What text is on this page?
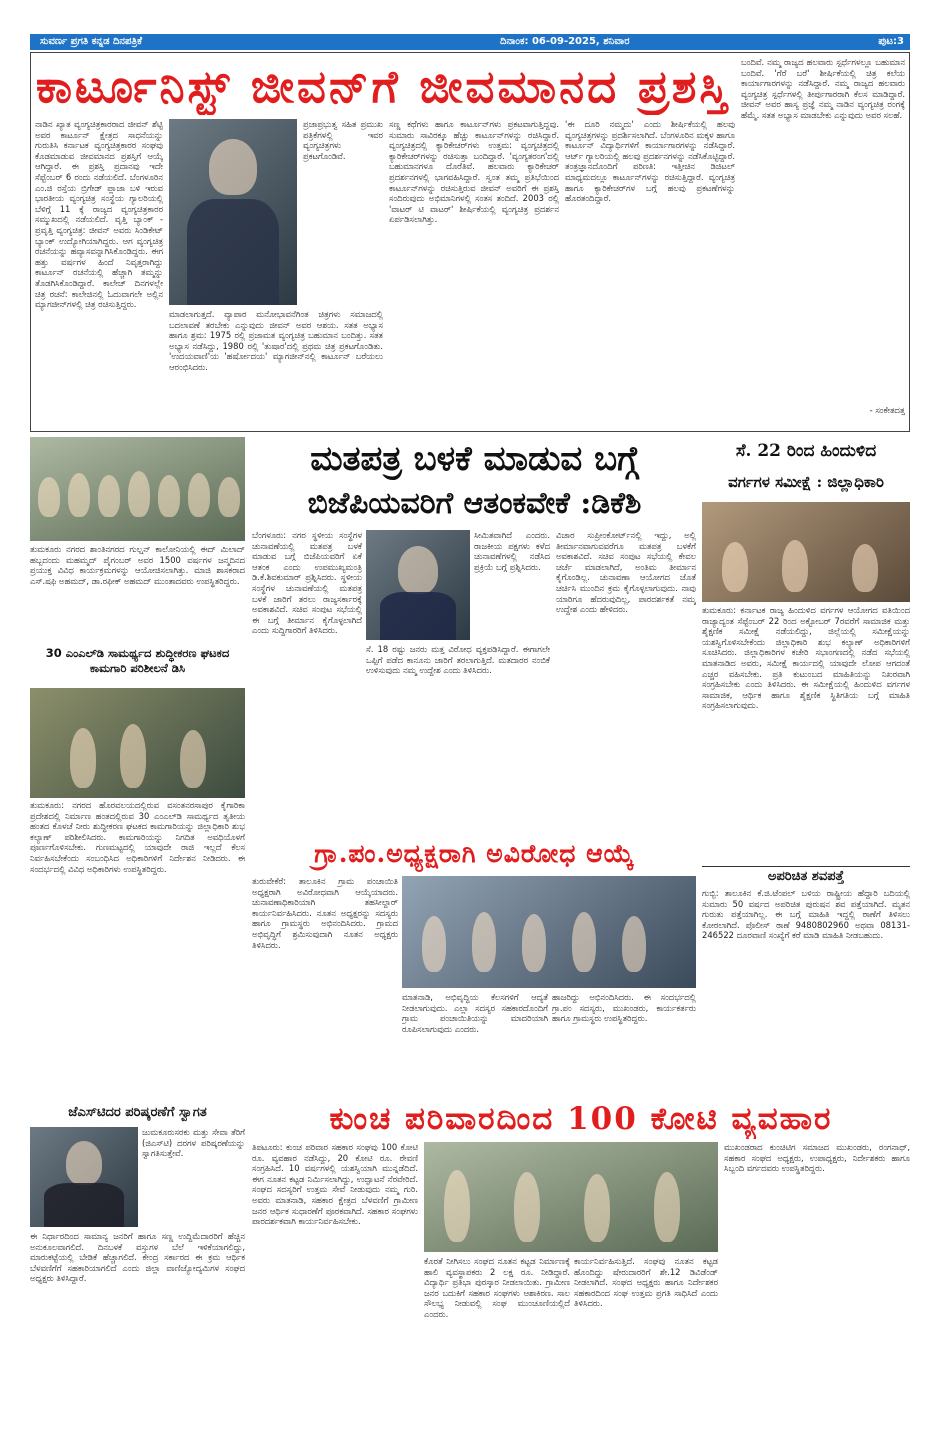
ಸುವರ್ಣ ಪ್ರಗತಿ ಕನ್ನಡ ದಿನಪತ್ರಿಕೆ	ದಿನಾಂಕ: 06-09-2025, ಶನಿವಾರ	ಪುಟ:3
ಕಾರ್ಟೂನಿಸ್ಟ್ ಜೀವನ್‌ಗೆ ಜೀವಮಾನದ ಪ್ರಶಸ್ತಿ
ನಾಡಿನ ಖ್ಯಾತ ವ್ಯಂಗ್ಯಚಿತ್ರಕಾರರಾದ ಜೀವನ್ ಶೆಟ್ಟಿ ಅವರ ಕಾರ್ಟೂನ್ ಕ್ಷೇತ್ರದ ಸಾಧನೆಯನ್ನು ಗುರುತಿಸಿ ಕರ್ನಾಟಕ ವ್ಯಂಗ್ಯಚಿತ್ರಕಾರರ ಸಂಘವು ಕೊಡಮಾಡುವ ಜೀವಮಾನದ ಪ್ರಶಸ್ತಿಗೆ ಆಯ್ಕೆ ಆಗಿದ್ದಾರೆ. ಈ ಪ್ರಶಸ್ತಿ ಪ್ರದಾನವು ಇದೇ ಸೆಪ್ಟೆಂಬರ್ 6 ರಂದು ನಡೆಯಲಿದೆ. ಬೆಂಗಳೂರಿನ ಎಂ.ಜಿ ರಸ್ತೆಯ ಬ್ರಿಗೇಡ್ ಪ್ಲಾಜಾ ಬಳಿ ಇರುವ ಭಾರತೀಯ ವ್ಯಂಗ್ಯಚಿತ್ರ ಸಂಸ್ಥೆಯ ಗ್ಯಾಲರಿಯಲ್ಲಿ ಬೆಳಿಗ್ಗೆ 11 ಕ್ಕೆ ರಾಜ್ಯದ ವ್ಯಂಗ್ಯಚಿತ್ರಕಾರರ ಸಮ್ಮುಖದಲ್ಲಿ ನಡೆಯಲಿದೆ. ವೃತ್ತಿ ಬ್ಯಾಂಕ್ - ಪ್ರವೃತ್ತಿ ವ್ಯಂಗ್ಯಚಿತ್ರ: ಜೀವನ್ ಅವರು ಸಿಂಡಿಕೇಟ್ ಬ್ಯಾಂಕ್ ಉದ್ಯೋಗಿಯಾಗಿದ್ದರು. ಆಗ ವ್ಯಂಗ್ಯಚಿತ್ರ ರಚನೆಯನ್ನು ಹವ್ಯಾಸವನ್ನಾಗಿಸಿಕೊಂಡಿದ್ದರು. ಈಗ ಹತ್ತು ವರ್ಷಗಳ ಹಿಂದೆ ನಿವೃತ್ತರಾಗಿದ್ದು ಕಾರ್ಟೂನ್ ರಚನೆಯಲ್ಲಿ ಹೆಚ್ಚಾಗಿ ತಮ್ಮನ್ನು ತೊಡಗಿಸಿಕೊಂಡಿದ್ದಾರೆ. ಕಾಲೇಜ್ ದಿನಗಳಲ್ಲೇ ಚಿತ್ರ ರಚನೆ: ಕಾಲೇಜಿನಲ್ಲಿ ಓದುವಾಗಲೇ ಅಲ್ಲಿನ ಮ್ಯಾಗಜೀನ್‌ಗಳಲ್ಲಿ ಚಿತ್ರ ರಚಿಸುತ್ತಿದ್ದರು.
ಪ್ರಜಾಪ್ರಭುತ್ವ ಸಹಿತ ಪ್ರಮುಖ ಪತ್ರಿಕೆಗಳಲ್ಲಿ ಇವರ ವ್ಯಂಗ್ಯಚಿತ್ರಗಳು ಪ್ರಕಟಗೊಂಡಿವೆ.
ಮಾಡಲಾಗುತ್ತದೆ. ವ್ಯಾಪಾರ ಮನೋಭಾವನೆಗಿಂತ ಚಿತ್ರಗಳು ಸಮಾಜದಲ್ಲಿ ಬದಲಾವಣೆ ತರಬೇಕು ಎನ್ನುವುದು ಜೀವನ್ ಅವರ ಆಶಯ. ಸತತ ಅಭ್ಯಾಸ ಹಾಗೂ ಶ್ರಮ: 1975 ರಲ್ಲಿ ಪ್ರಜಾಮತ ವ್ಯಂಗ್ಯಚಿತ್ರ ಬಹುಮಾನ ಬಂದಿತ್ತು. ಸತತ ಅಭ್ಯಾಸ ನಡೆಸಿದ್ದು, 1980 ರಲ್ಲಿ 'ತುಷಾರ'ದಲ್ಲಿ ಪ್ರಥಮ ಚಿತ್ರ ಪ್ರಕಟಗೊಂಡಿತು. 'ಉದಯವಾಣಿ'ಯ 'ಹರ್ಷೋದಯ' ಮ್ಯಾಗಜೀನ್‌ನಲ್ಲಿ ಕಾರ್ಟೂನ್ ಬರೆಯಲು ಆರಂಭಿಸಿದರು.
ಸಣ್ಣ ಕಥೆಗಳು ಹಾಗೂ ಕಾರ್ಟೂನ್‌ಗಳು ಪ್ರಕಟವಾಗುತ್ತಿದ್ದವು. ಸುಮಾರು ಸಾವಿರಕ್ಕೂ ಹೆಚ್ಚು ಕಾರ್ಟೂನ್‌ಗಳನ್ನು ರಚಿಸಿದ್ದಾರೆ. ವ್ಯಂಗ್ಯಚಿತ್ರದಲ್ಲಿ ಕ್ಯಾರಿಕೇಚರ್‌ಗಳು ಉತ್ತಮ: ವ್ಯಂಗ್ಯಚಿತ್ರದಲ್ಲಿ ಕ್ಯಾರಿಕೇಚರ್‌ಗಳನ್ನು ರಚಿಸುತ್ತಾ ಬಂದಿದ್ದಾರೆ. 'ವ್ಯಂಗ್ಯತರಂಗ'ದಲ್ಲಿ ಬಹುಮಾನಗಳೂ ದೊರೆತಿವೆ. ಹಲವಾರು ಕ್ಯಾರಿಕೇಚರ್ ಪ್ರದರ್ಶನಗಳಲ್ಲಿ ಭಾಗವಹಿಸಿದ್ದಾರೆ. ಸ್ವಂತ ತಮ್ಮ ಪ್ರತಿಭೆಯಿಂದ ಕಾರ್ಟೂನ್‌ಗಳನ್ನು ರಚಿಸುತ್ತಿರುವ ಜೀವನ್ ಅವರಿಗೆ ಈ ಪ್ರಶಸ್ತಿ ಸಂದಿರುವುದು ಅಭಿಮಾನಿಗಳಲ್ಲಿ ಸಂತಸ ತಂದಿದೆ. 2003 ರಲ್ಲಿ 'ವಾಟರ್ ಟಿ ವಾಟರ್' ಶೀರ್ಷಿಕೆಯಲ್ಲಿ ವ್ಯಂಗ್ಯಚಿತ್ರ ಪ್ರದರ್ಶನ ಏರ್ಪಡಿಸಲಾಗಿತ್ತು.
'ಈ ದೂರಿ ನಮ್ಮದು' ಎಂದು ಶೀರ್ಷಿಕೆಯಲ್ಲಿ ಹಲವು ವ್ಯಂಗ್ಯಚಿತ್ರಗಳನ್ನು ಪ್ರದರ್ಶಿಸಲಾಗಿದೆ. ಬೆಂಗಳೂರಿನ ಮಕ್ಕಳ ಹಾಗೂ ಕಾರ್ಟೂನ್ ವಿದ್ಯಾರ್ಥಿಗಳಿಗೆ ಕಾರ್ಯಾಗಾರಗಳನ್ನು ನಡೆಸಿದ್ದಾರೆ. ಆರ್ಟ್ ಗ್ಯಾಲರಿಯಲ್ಲಿ ಹಲವು ಪ್ರದರ್ಶನಗಳನ್ನು ನಡೆಸಿಕೊಟ್ಟಿದ್ದಾರೆ. ತಂತ್ರಜ್ಞಾನದೊಂದಿಗೆ ಪರಿಣತಿ: ಇತ್ತೀಚಿನ ಡಿಜಿಟಲ್ ಮಾಧ್ಯಮದಲ್ಲೂ ಕಾರ್ಟೂನ್‌ಗಳನ್ನು ರಚಿಸುತ್ತಿದ್ದಾರೆ. ವ್ಯಂಗ್ಯಚಿತ್ರ ಹಾಗೂ ಕ್ಯಾರಿಕೇಚರ್‌ಗಳ ಬಗ್ಗೆ ಹಲವು ಪ್ರಕಟಣೆಗಳನ್ನು ಹೊರತಂದಿದ್ದಾರೆ.
ಬಂದಿವೆ. ನಮ್ಮ ರಾಜ್ಯದ ಹಲವಾರು ಸ್ಪರ್ಧೆಗಳಲ್ಲೂ ಬಹುಮಾನ ಬಂದಿವೆ. 'ಗೆರೆ ಬರೆ' ಶೀರ್ಷಿಕೆಯಲ್ಲಿ ಚಿತ್ರ ಕಲೆಯ ಕಾರ್ಯಾಗಾರಗಳನ್ನು ನಡೆಸಿದ್ದಾರೆ. ನಮ್ಮ ರಾಜ್ಯದ ಹಲವಾರು ವ್ಯಂಗ್ಯಚಿತ್ರ ಸ್ಪರ್ಧೆಗಳಲ್ಲಿ ತೀರ್ಪುಗಾರರಾಗಿ ಕೆಲಸ ಮಾಡಿದ್ದಾರೆ. ಜೀವನ್ ಅವರ ಹಾಸ್ಯ ಪ್ರಜ್ಞೆ ನಮ್ಮ ನಾಡಿನ ವ್ಯಂಗ್ಯಚಿತ್ರ ರಂಗಕ್ಕೆ ಹೆಮ್ಮೆ. ಸತತ ಅಭ್ಯಾಸ ಮಾಡಬೇಕು ಎನ್ನುವುದು ಅವರ ಸಲಹೆ.
- ಸಂಕೇತದತ್ತ
ತುಮಕೂರು ನಗರದ ಶಾಂತಿನಗರದ ಗುಲ್ಷನ್ ಕಾಲೋನಿಯಲ್ಲಿ ಈದ್ ಮಿಲಾದ್ ಹಬ್ಬದಂದು ಮಹಮ್ಮದ್ ಪೈಗಂಬರ್ ಅವರ 1500 ವರ್ಷಗಳ ಜನ್ಮದಿನದ ಪ್ರಯುಕ್ತ ವಿವಿಧ ಕಾರ್ಯಕ್ರಮಗಳನ್ನು ಆಯೋಜಿಸಲಾಗಿತ್ತು. ಮಾಜಿ ಶಾಸಕರಾದ ಎಸ್.ಷಫಿ ಅಹಮದ್, ಡಾ.ರಫೀಕ್ ಅಹಮದ್ ಮುಂತಾದವರು ಉಪಸ್ಥಿತರಿದ್ದರು.
30 ಎಂಎಲ್‌ಡಿ ಸಾಮರ್ಥ್ಯದ ಶುದ್ಧೀಕರಣ ಘಟಕದ ಕಾಮಗಾರಿ ಪರಿಶೀಲನೆ ಡಿಸಿ
ತುಮಕೂರು: ನಗರದ ಹೊರವಲಯದಲ್ಲಿರುವ ವಸಂತನರಸಾಪುರ ಕೈಗಾರಿಕಾ ಪ್ರದೇಶದಲ್ಲಿ ನಿರ್ಮಾಣ ಹಂತದಲ್ಲಿರುವ 30 ಎಂಎಲ್‌ಡಿ ಸಾಮರ್ಥ್ಯದ ತೃತೀಯ ಹಂತದ ಕೊಳಚೆ ನೀರು ಶುದ್ಧೀಕರಣ ಘಟಕದ ಕಾಮಗಾರಿಯನ್ನು ಜಿಲ್ಲಾಧಿಕಾರಿ ಶುಭ ಕಲ್ಯಾಣ್ ಪರಿಶೀಲಿಸಿದರು. ಕಾಮಗಾರಿಯನ್ನು ನಿಗದಿತ ಅವಧಿಯೊಳಗೆ ಪೂರ್ಣಗೊಳಿಸಬೇಕು. ಗುಣಮಟ್ಟದಲ್ಲಿ ಯಾವುದೇ ರಾಜಿ ಇಲ್ಲದೆ ಕೆಲಸ ನಿರ್ವಹಿಸಬೇಕೆಂದು ಸಂಬಂಧಿಸಿದ ಅಧಿಕಾರಿಗಳಿಗೆ ನಿರ್ದೇಶನ ನೀಡಿದರು. ಈ ಸಂದರ್ಭದಲ್ಲಿ ವಿವಿಧ ಅಧಿಕಾರಿಗಳು ಉಪಸ್ಥಿತರಿದ್ದರು.
ಮತಪತ್ರ ಬಳಕೆ ಮಾಡುವ ಬಗ್ಗೆ
ಬಿಜೆಪಿಯವರಿಗೆ ಆತಂಕವೇಕೆ :ಡಿಕೆಶಿ
ಬೆಂಗಳೂರು: ನಗರ ಸ್ಥಳೀಯ ಸಂಸ್ಥೆಗಳ ಚುನಾವಣೆಯಲ್ಲಿ ಮತಪತ್ರ ಬಳಕೆ ಮಾಡುವ ಬಗ್ಗೆ ಬಿಜೆಪಿಯವರಿಗೆ ಏಕೆ ಆತಂಕ ಎಂದು ಉಪಮುಖ್ಯಮಂತ್ರಿ ಡಿ.ಕೆ.ಶಿವಕುಮಾರ್ ಪ್ರಶ್ನಿಸಿದರು. ಸ್ಥಳೀಯ ಸಂಸ್ಥೆಗಳ ಚುನಾವಣೆಯಲ್ಲಿ ಮತಪತ್ರ ಬಳಕೆ ಜಾರಿಗೆ ತರಲು ರಾಜ್ಯಸರ್ಕಾರಕ್ಕೆ ಅವಕಾಶವಿದೆ. ಸಚಿವ ಸಂಪುಟ ಸಭೆಯಲ್ಲಿ ಈ ಬಗ್ಗೆ ತೀರ್ಮಾನ ಕೈಗೊಳ್ಳಲಾಗಿದೆ ಎಂದು ಸುದ್ದಿಗಾರರಿಗೆ ತಿಳಿಸಿದರು.
ಸೀಮಿತವಾಗಿದೆ ಎಂದರು. ರಾಜಕೀಯ ಪಕ್ಷಗಳು ಕಳೆದ ಚುನಾವಣೆಗಳಲ್ಲಿ ನಡೆಸಿದ ಪ್ರಕ್ರಿಯೆ ಬಗ್ಗೆ ಪ್ರಶ್ನಿಸಿದರು.
ಸೆ. 18 ರಷ್ಟು ಜನರು ಮತ್ತ ವಿರೋಧ ವ್ಯಕ್ತಪಡಿಸಿದ್ದಾರೆ. ಈಗಾಗಲೇ ಒಪ್ಪಿಗೆ ಪಡೆದ ಕಾನೂನು ಜಾರಿಗೆ ತರಲಾಗುತ್ತಿದೆ. ಮತದಾರರ ನಂಬಿಕೆ ಉಳಿಸುವುದು ನಮ್ಮ ಉದ್ದೇಶ ಎಂದು ತಿಳಿಸಿದರು.
ವಿಚಾರ ಸುಪ್ರೀಂಕೋರ್ಟ್‌ನಲ್ಲಿ ಇದ್ದು, ಅಲ್ಲಿ ತೀರ್ಮಾನವಾಗುವವರೆಗೂ ಮತಪತ್ರ ಬಳಕೆಗೆ ಅವಕಾಶವಿದೆ. ಸಚಿವ ಸಂಪುಟ ಸಭೆಯಲ್ಲಿ ಕೇವಲ ಚರ್ಚೆ ಮಾಡಲಾಗಿದೆ, ಅಂತಿಮ ತೀರ್ಮಾನ ಕೈಗೊಂಡಿಲ್ಲ. ಚುನಾವಣಾ ಆಯೋಗದ ಜೊತೆ ಚರ್ಚಿಸಿ ಮುಂದಿನ ಕ್ರಮ ಕೈಗೊಳ್ಳಲಾಗುವುದು. ನಾವು ಯಾರಿಗೂ ಹೆದರುವುದಿಲ್ಲ, ಪಾರದರ್ಶಕತೆ ನಮ್ಮ ಉದ್ದೇಶ ಎಂದು ಹೇಳಿದರು.
ಸೆ. 22 ರಿಂದ ಹಿಂದುಳಿದ
ವರ್ಗಗಳ ಸಮೀಕ್ಷೆ : ಜಿಲ್ಲಾಧಿಕಾರಿ
ತುಮಕೂರು: ಕರ್ನಾಟಕ ರಾಜ್ಯ ಹಿಂದುಳಿದ ವರ್ಗಗಳ ಆಯೋಗದ ವತಿಯಿಂದ ರಾಜ್ಯಾದ್ಯಂತ ಸೆಪ್ಟೆಂಬರ್ 22 ರಿಂದ ಅಕ್ಟೋಬರ್ 7ರವರೆಗೆ ಸಾಮಾಜಿಕ ಮತ್ತು ಶೈಕ್ಷಣಿಕ ಸಮೀಕ್ಷೆ ನಡೆಯಲಿದ್ದು, ಜಿಲ್ಲೆಯಲ್ಲಿ ಸಮೀಕ್ಷೆಯನ್ನು ಯಶಸ್ವಿಗೊಳಿಸಬೇಕೆಂದು ಜಿಲ್ಲಾಧಿಕಾರಿ ಶುಭ ಕಲ್ಯಾಣ್ ಅಧಿಕಾರಿಗಳಿಗೆ ಸೂಚಿಸಿದರು. ಜಿಲ್ಲಾಧಿಕಾರಿಗಳ ಕಚೇರಿ ಸಭಾಂಗಣದಲ್ಲಿ ನಡೆದ ಸಭೆಯಲ್ಲಿ ಮಾತನಾಡಿದ ಅವರು, ಸಮೀಕ್ಷೆ ಕಾರ್ಯದಲ್ಲಿ ಯಾವುದೇ ಲೋಪ ಆಗದಂತೆ ಎಚ್ಚರ ವಹಿಸಬೇಕು. ಪ್ರತಿ ಕುಟುಂಬದ ಮಾಹಿತಿಯನ್ನು ನಿಖರವಾಗಿ ಸಂಗ್ರಹಿಸಬೇಕು ಎಂದು ತಿಳಿಸಿದರು. ಈ ಸಮೀಕ್ಷೆಯಲ್ಲಿ ಹಿಂದುಳಿದ ವರ್ಗಗಳ ಸಾಮಾಜಿಕ, ಆರ್ಥಿಕ ಹಾಗೂ ಶೈಕ್ಷಣಿಕ ಸ್ಥಿತಿಗತಿಯ ಬಗ್ಗೆ ಮಾಹಿತಿ ಸಂಗ್ರಹಿಸಲಾಗುವುದು.
ಗ್ರಾ.ಪಂ.ಅಧ್ಯಕ್ಷರಾಗಿ ಅವಿರೋಧ ಆಯ್ಕೆ
ತುರುವೇಕೆರೆ: ತಾಲೂಕಿನ ಗ್ರಾಮ ಪಂಚಾಯಿತಿ ಅಧ್ಯಕ್ಷರಾಗಿ ಅವಿರೋಧವಾಗಿ ಆಯ್ಕೆಯಾದರು. ಚುನಾವಣಾಧಿಕಾರಿಯಾಗಿ ತಹಸೀಲ್ದಾರ್ ಕಾರ್ಯನಿರ್ವಹಿಸಿದರು. ನೂತನ ಅಧ್ಯಕ್ಷರನ್ನು ಸದಸ್ಯರು ಹಾಗೂ ಗ್ರಾಮಸ್ಥರು ಅಭಿನಂದಿಸಿದರು. ಗ್ರಾಮದ ಅಭಿವೃದ್ಧಿಗೆ ಶ್ರಮಿಸುವುದಾಗಿ ನೂತನ ಅಧ್ಯಕ್ಷರು ತಿಳಿಸಿದರು.
ಮಾತನಾಡಿ, ಅಭಿವೃದ್ಧಿಯ ಕೆಲಸಗಳಿಗೆ ಆದ್ಯತೆ ನೀಡಲಾಗುವುದು. ಎಲ್ಲಾ ಸದಸ್ಯರ ಸಹಕಾರದೊಂದಿಗೆ ಗ್ರಾಮ ಪಂಚಾಯಿತಿಯನ್ನು ಮಾದರಿಯಾಗಿ ರೂಪಿಸಲಾಗುವುದು ಎಂದರು.
ಹಾಜರಿದ್ದು ಅಭಿನಂದಿಸಿದರು. ಈ ಸಂದರ್ಭದಲ್ಲಿ ಗ್ರಾ.ಪಂ ಸದಸ್ಯರು, ಮುಖಂಡರು, ಕಾರ್ಯಕರ್ತರು ಹಾಗೂ ಗ್ರಾಮಸ್ಥರು ಉಪಸ್ಥಿತರಿದ್ದರು.
ಅಪರಿಚಿತ ಶವಪತ್ತೆ
ಗುಬ್ಬಿ: ತಾಲೂಕಿನ ಕೆ.ಜಿ.ಟೆಂಪಲ್ ಬಳಿಯ ರಾಷ್ಟ್ರೀಯ ಹೆದ್ದಾರಿ ಬದಿಯಲ್ಲಿ ಸುಮಾರು 50 ವರ್ಷದ ಅಪರಿಚಿತ ಪುರುಷನ ಶವ ಪತ್ತೆಯಾಗಿದೆ. ಮೃತನ ಗುರುತು ಪತ್ತೆಯಾಗಿಲ್ಲ. ಈ ಬಗ್ಗೆ ಮಾಹಿತಿ ಇದ್ದಲ್ಲಿ ಠಾಣೆಗೆ ತಿಳಿಸಲು ಕೋರಲಾಗಿದೆ. ಪೊಲೀಸ್ ಠಾಣೆ 9480802960 ಅಥವಾ 08131-246522 ದೂರವಾಣಿ ಸಂಖ್ಯೆಗೆ ಕರೆ ಮಾಡಿ ಮಾಹಿತಿ ನೀಡಬಹುದು.
ಜೆಎಸ್‌ಟಿದರ ಪರಿಷ್ಕರಣೆಗೆ ಸ್ವಾಗತ
ಜುಮಕೂರುಸರಕು ಮತ್ತು ಸೇವಾ ತೆರಿಗೆ (ಜಿಎಸ್‌ಟಿ) ದರಗಳ ಪರಿಷ್ಕರಣೆಯನ್ನು ಸ್ವಾಗತಿಸುತ್ತೇವೆ.
ಈ ನಿರ್ಧಾರದಿಂದ ಸಾಮಾನ್ಯ ಜನರಿಗೆ ಹಾಗೂ ಸಣ್ಣ ಉದ್ದಿಮೆದಾರರಿಗೆ ಹೆಚ್ಚಿನ ಅನುಕೂಲವಾಗಲಿದೆ. ದಿನಬಳಕೆ ವಸ್ತುಗಳ ಬೆಲೆ ಇಳಿಕೆಯಾಗಲಿದ್ದು, ಮಾರುಕಟ್ಟೆಯಲ್ಲಿ ಬೇಡಿಕೆ ಹೆಚ್ಚಾಗಲಿದೆ. ಕೇಂದ್ರ ಸರ್ಕಾರದ ಈ ಕ್ರಮ ಆರ್ಥಿಕ ಬೆಳವಣಿಗೆಗೆ ಸಹಕಾರಿಯಾಗಲಿದೆ ಎಂದು ಜಿಲ್ಲಾ ವಾಣಿಜ್ಯೋದ್ಯಮಿಗಳ ಸಂಘದ ಅಧ್ಯಕ್ಷರು ತಿಳಿಸಿದ್ದಾರೆ.
ಕುಂಚ ಪರಿವಾರದಿಂದ 100 ಕೋಟಿ ವ್ಯವಹಾರ
ತಿಪಟೂರು: ಕುಂಚ ಪರಿವಾರ ಸಹಕಾರ ಸಂಘವು 100 ಕೋಟಿ ರೂ. ವ್ಯವಹಾರ ನಡೆಸಿದ್ದು, 20 ಕೋಟಿ ರೂ. ಠೇವಣಿ ಸಂಗ್ರಹಿಸಿದೆ. 10 ವರ್ಷಗಳಲ್ಲಿ ಯಶಸ್ವಿಯಾಗಿ ಮುನ್ನಡೆದಿದೆ. ಈಗ ನೂತನ ಕಟ್ಟಡ ನಿರ್ಮಿಸಲಾಗಿದ್ದು, ಉದ್ಘಾಟನೆ ನೆರವೇರಿದೆ. ಸಂಘದ ಸದಸ್ಯರಿಗೆ ಉತ್ತಮ ಸೇವೆ ನೀಡುವುದು ನಮ್ಮ ಗುರಿ. ಅವರು ಮಾತನಾಡಿ, ಸಹಕಾರ ಕ್ಷೇತ್ರದ ಬೆಳವಣಿಗೆ ಗ್ರಾಮೀಣ ಜನರ ಆರ್ಥಿಕ ಸುಧಾರಣೆಗೆ ಪೂರಕವಾಗಿದೆ. ಸಹಕಾರ ಸಂಘಗಳು ಪಾರದರ್ಶಕವಾಗಿ ಕಾರ್ಯನಿರ್ವಹಿಸಬೇಕು.
ಕೊರತೆ ನೀಗಿಸಲು ಸಂಘದ ನೂತನ ಕಟ್ಟಡ ನಿರ್ಮಾಣಕ್ಕೆ ಹಾಲಿ ವ್ಯವಸ್ಥಾಪಕರು 2 ಲಕ್ಷ ರೂ. ನೀಡಿದ್ದಾರೆ. ವಿದ್ಯಾರ್ಥಿ ಪ್ರತಿಭಾ ಪುರಸ್ಕಾರ ನೀಡಲಾಯಿತು. ಗ್ರಾಮೀಣ ಜನರ ಬದುಕಿಗೆ ಸಹಕಾರ ಸಂಘಗಳು ಆಶಾಕಿರಣ. ಸಾಲ ಸೌಲಭ್ಯ ನೀಡುವಲ್ಲಿ ಸಂಘ ಮುಂಚೂಣಿಯಲ್ಲಿದೆ ಎಂದರು.
ಕಾರ್ಯನಿರ್ವಹಿಸುತ್ತಿದೆ. ಸಂಘವು ನೂತನ ಕಟ್ಟಡ ಹೊಂದಿದ್ದು ಷೇರುದಾರರಿಗೆ ಶೇ.12 ಡಿವಿಡೆಂಡ್ ನೀಡಲಾಗಿದೆ. ಸಂಘದ ಅಧ್ಯಕ್ಷರು ಹಾಗೂ ನಿರ್ದೇಶಕರ ಸಹಕಾರದಿಂದ ಸಂಘ ಉತ್ತಮ ಪ್ರಗತಿ ಸಾಧಿಸಿದೆ ಎಂದು ತಿಳಿಸಿದರು.
ಮುಖಂಡರಾದ ಕುಂಚಿಟಿಗ ಸಮಾಜದ ಮುಖಂಡರು, ರಂಗನಾಥ್, ಸಹಕಾರ ಸಂಘದ ಅಧ್ಯಕ್ಷರು, ಉಪಾಧ್ಯಕ್ಷರು, ನಿರ್ದೇಶಕರು ಹಾಗೂ ಸಿಬ್ಬಂದಿ ವರ್ಗದವರು ಉಪಸ್ಥಿತರಿದ್ದರು.
